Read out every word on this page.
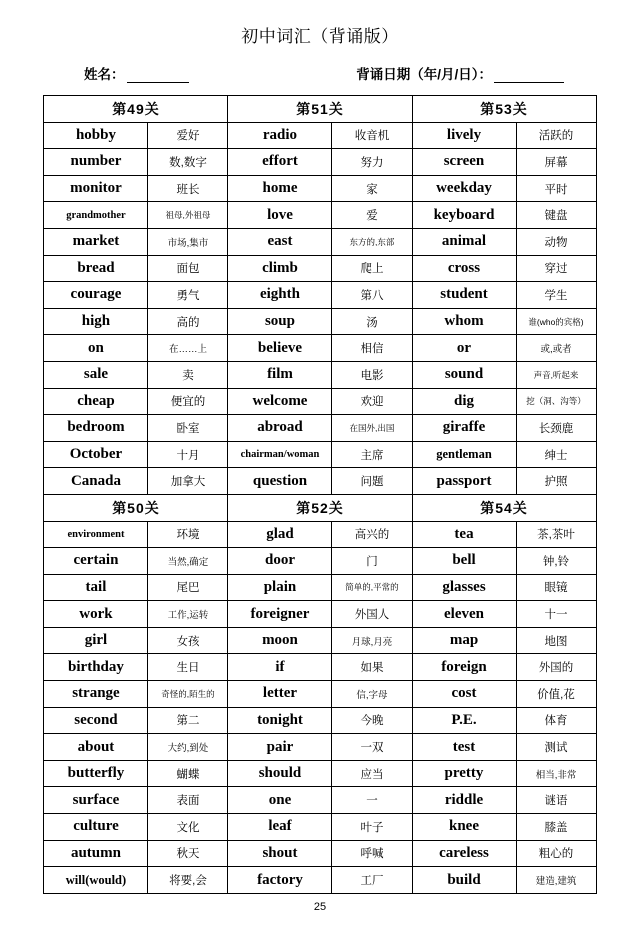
初中词汇（背诵版）
姓名：	背诵日期（年/月/日）：
第49关		第51关		第53关	
hobby	爱好	radio	收音机	lively	活跃的
number	数,数字	effort	努力	screen	屏幕
monitor	班长	home	家	weekday	平时
grandmother	祖母,外祖母	love	爱	keyboard	键盘
market	市场,集市	east	东方的,东部	animal	动物
bread	面包	climb	爬上	cross	穿过
courage	勇气	eighth	第八	student	学生
high	高的	soup	汤	whom	谁(who的宾格)
on	在……上	believe	相信	or	或,或者
sale	卖	film	电影	sound	声音,听起来
cheap	便宜的	welcome	欢迎	dig	挖（洞、沟等）
bedroom	卧室	abroad	在国外,出国	giraffe	长颈鹿
October	十月	chairman/woman	主席	gentleman	绅士
Canada	加拿大	question	问题	passport	护照
第50关		第52关		第54关	
environment	环境	glad	高兴的	tea	茶,茶叶
certain	当然,确定	door	门	bell	钟,铃
tail	尾巴	plain	简单的,平常的	glasses	眼镜
work	工作,运转	foreigner	外国人	eleven	十一
girl	女孩	moon	月球,月亮	map	地图
birthday	生日	if	如果	foreign	外国的
strange	奇怪的,陌生的	letter	信,字母	cost	价值,花
second	第二	tonight	今晚	P.E.	体育
about	大约,到处	pair	一双	test	测试
butterfly	蝴蝶	should	应当	pretty	相当,非常
surface	表面	one	一	riddle	谜语
culture	文化	leaf	叶子	knee	膝盖
autumn	秋天	shout	呼喊	careless	粗心的
will(would)	将要,会	factory	工厂	build	建造,建筑
25
